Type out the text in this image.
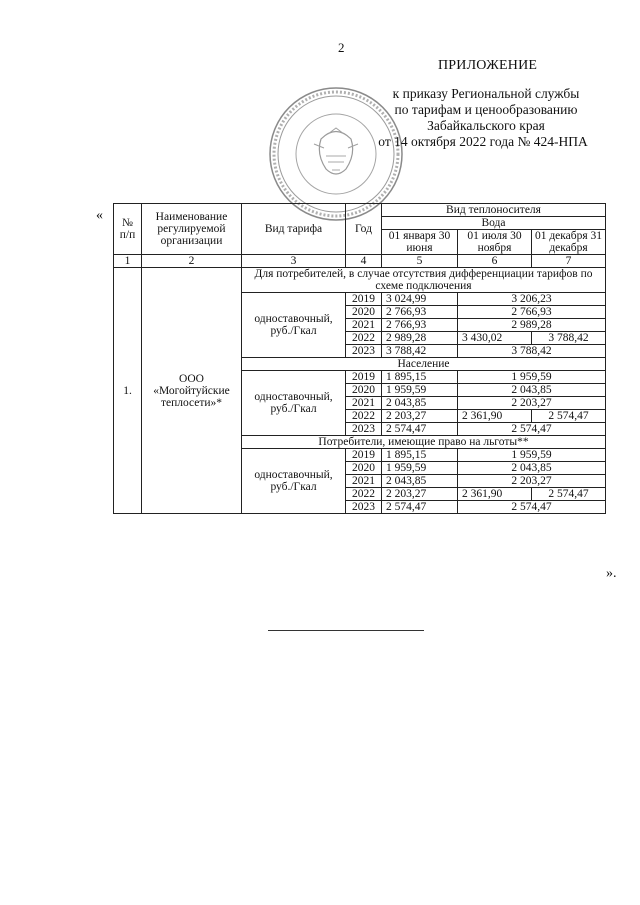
2
ПРИЛОЖЕНИЕ
к приказу Региональной службы
по тарифам и ценообразованию
Забайкальского края
от 14 октября 2022 года № 424-НПА
« № п/п	Наименование регулируемой организации	Вид тарифа	Год	Вид теплоносителя		
				Вода		
				01 января 30 июня	01 июля 30 ноября	01 декабря 31 декабря
1	2	3	4	5	6	7
1.	ООО «Могойтуйские теплосети»*	Для потребителей, в случае отсутствия дифференциации тарифов по схеме подключения				
		одноставочный, руб./Гкал	2019	3 024,99	3 206,23	
			2020	2 766,93	2 766,93	
			2021	2 766,93	2 989,28	
			2022	2 989,28	3 430,02	3 788,42
			2023	3 788,42	3 788,42	
		Население				
		одноставочный, руб./Гкал	2019	1 895,15	1 959,59	
			2020	1 959,59	2 043,85	
			2021	2 043,85	2 203,27	
			2022	2 203,27	2 361,90	2 574,47
			2023	2 574,47	2 574,47	
		Потребители, имеющие право на льготы**				
		одноставочный, руб./Гкал	2019	1 895,15	1 959,59	
			2020	1 959,59	2 043,85	
			2021	2 043,85	2 203,27	
			2022	2 203,27	2 361,90	2 574,47
			2023	2 574,47	2 574,47	
».
